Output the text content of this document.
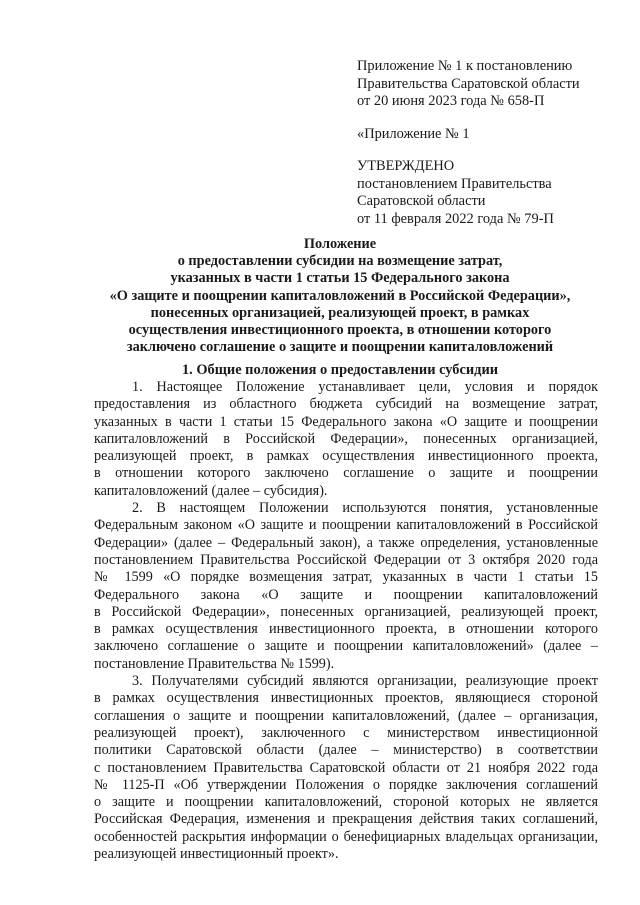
Приложение № 1 к постановлению

Правительства Саратовской области

от 20 июня 2023 года № 658-П

«Приложение № 1

УТВЕРЖДЕНО

постановлением Правительства

Саратовской области

от 11 февраля 2022 года № 79-П

Положение

о предоставлении субсидии на возмещение затрат,

указанных в части 1 статьи 15 Федерального закона

«О защите и поощрении капиталовложений в Российской Федерации»,

понесенных организацией, реализующей проект, в рамках

осуществления инвестиционного проекта, в отношении которого

заключено соглашение о защите и поощрении капиталовложений

1. Общие положения о предоставлении субсидии
1. Настоящее Положение устанавливает цели, условия и порядок
предоставления из областного бюджета субсидий на возмещение затрат,
указанных в части 1 статьи 15 Федерального закона «О защите и поощрении
капиталовложений в Российской Федерации», понесенных организацией,
реализующей проект, в рамках осуществления инвестиционного проекта,
в отношении которого заключено соглашение о защите и поощрении
капиталовложений (далее – субсидия).
2. В настоящем Положении используются понятия, установленные
Федеральным законом «О защите и поощрении капиталовложений в Российской
Федерации» (далее – Федеральный закон), а также определения, установленные
постановлением Правительства Российской Федерации от 3 октября 2020 года
№ 1599 «О порядке возмещения затрат, указанных в части 1 статьи 15
Федерального закона «О защите и поощрении капиталовложений
в Российской Федерации», понесенных организацией, реализующей проект,
в рамках осуществления инвестиционного проекта, в отношении которого
заключено соглашение о защите и поощрении капиталовложений» (далее –
постановление Правительства № 1599).
3. Получателями субсидий являются организации, реализующие проект
в рамках осуществления инвестиционных проектов, являющиеся стороной
соглашения о защите и поощрении капиталовложений, (далее – организация,
реализующей проект), заключенного с министерством инвестиционной
политики Саратовской области (далее – министерство) в соответствии
с постановлением Правительства Саратовской области от 21 ноября 2022 года
№ 1125-П «Об утверждении Положения о порядке заключения соглашений
о защите и поощрении капиталовложений, стороной которых не является
Российская Федерация, изменения и прекращения действия таких соглашений,
особенностей раскрытия информации о бенефициарных владельцах организации,
реализующей инвестиционный проект».
